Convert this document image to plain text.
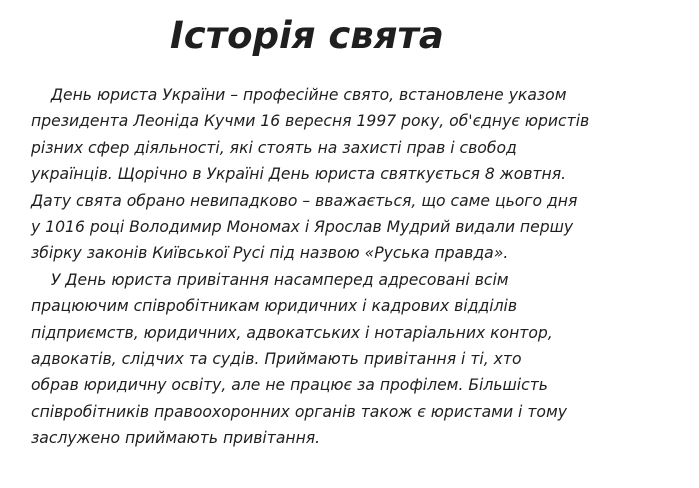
Історія свята
День юриста України – професійне свято, встановлене указом
президента Леоніда Кучми 16 вересня 1997 року, об'єднує юристів
різних сфер діяльності, які стоять на захисті прав і свобод
українців. Щорічно в Україні День юриста святкується 8 жовтня.
Дату свята обрано невипадково – вважається, що саме цього дня
у 1016 році Володимир Мономах і Ярослав Мудрий видали першу
збірку законів Київської Русі під назвою «Руська правда».
У День юриста привітання насамперед адресовані всім
працюючим співробітникам юридичних і кадрових відділів
підприємств, юридичних, адвокатських і нотаріальних контор,
адвокатів, слідчих та судів. Приймають привітання і ті, хто
обрав юридичну освіту, але не працює за профілем. Більшість
співробітників правоохоронних органів також є юристами і тому
заслужено приймають привітання.
